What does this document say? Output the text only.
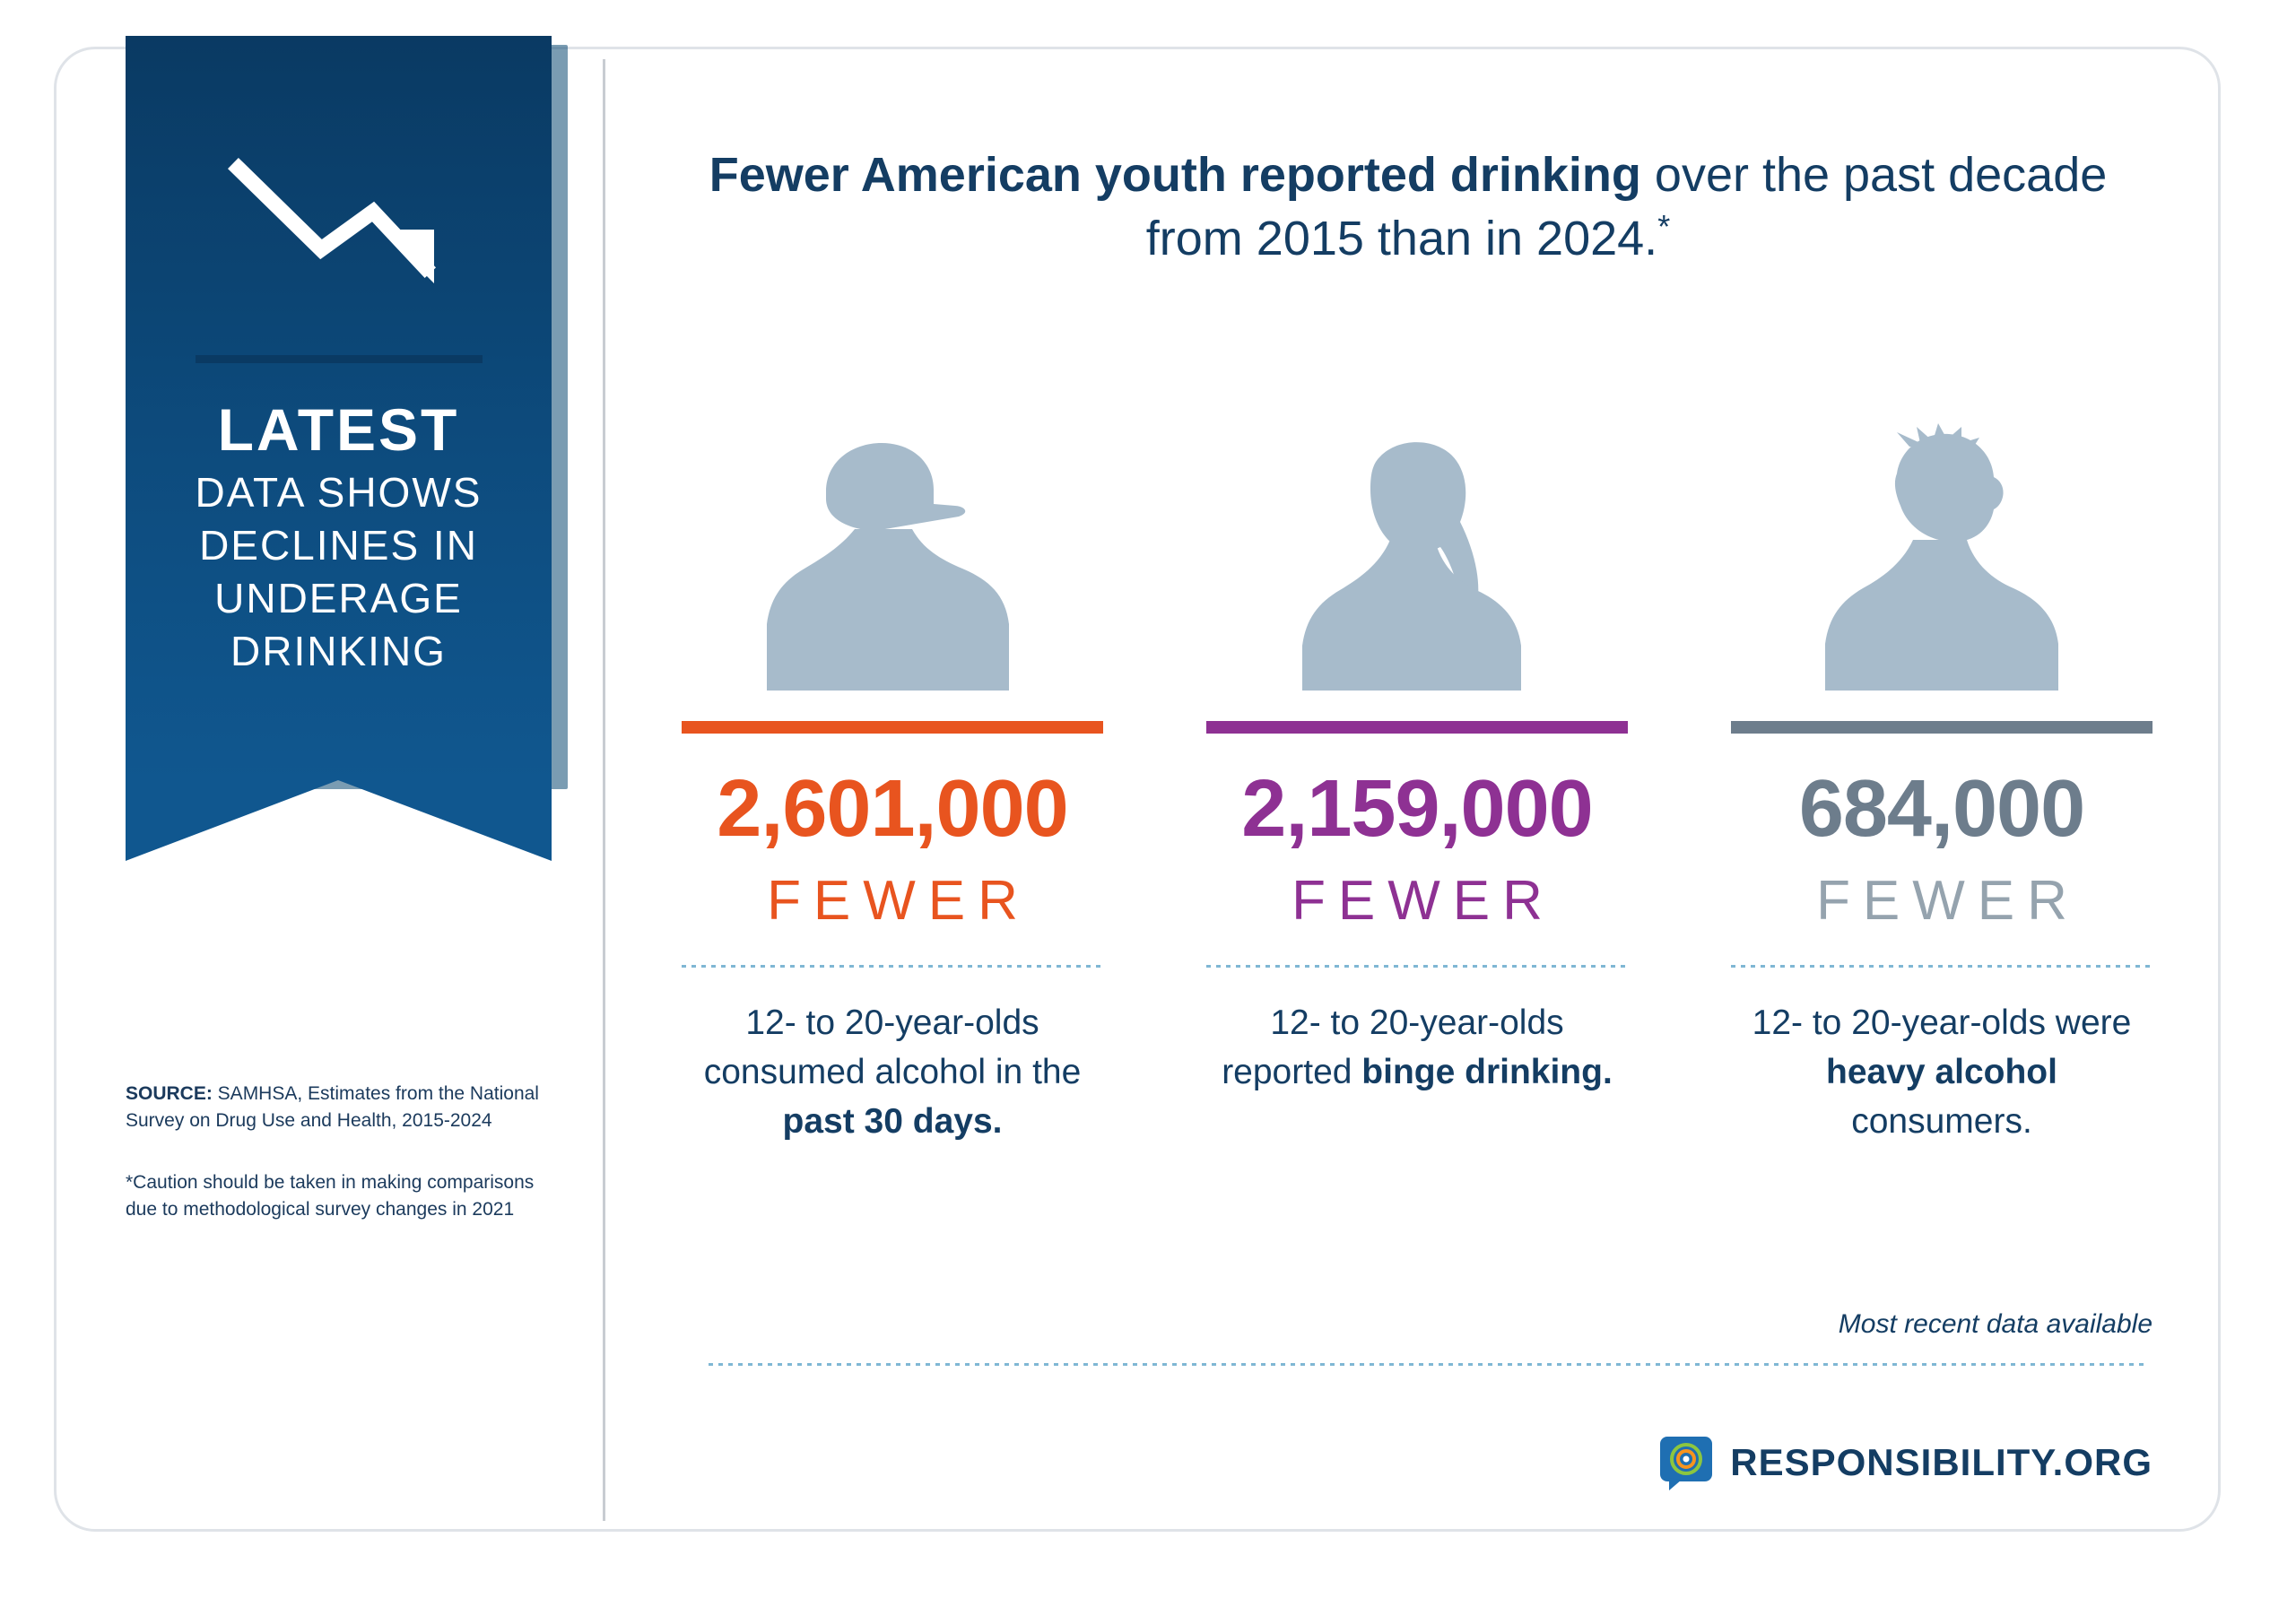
LATEST
DATA SHOWS DECLINES IN UNDERAGE DRINKING

SOURCE: SAMHSA, Estimates from the National Survey on Drug Use and Health, 2015-2024

*Caution should be taken in making comparisons due to methodological survey changes in 2021

Fewer American youth reported drinking over the past decade from 2015 than in 2024.*
2,601,000
FEWER
12- to 20-year-olds consumed alcohol in the past 30 days.
2,159,000
FEWER
12- to 20-year-olds reported binge drinking.
684,000
FEWER
12- to 20-year-olds were heavy alcohol consumers.
Most recent data available
RESPONSIBILITY.ORG
